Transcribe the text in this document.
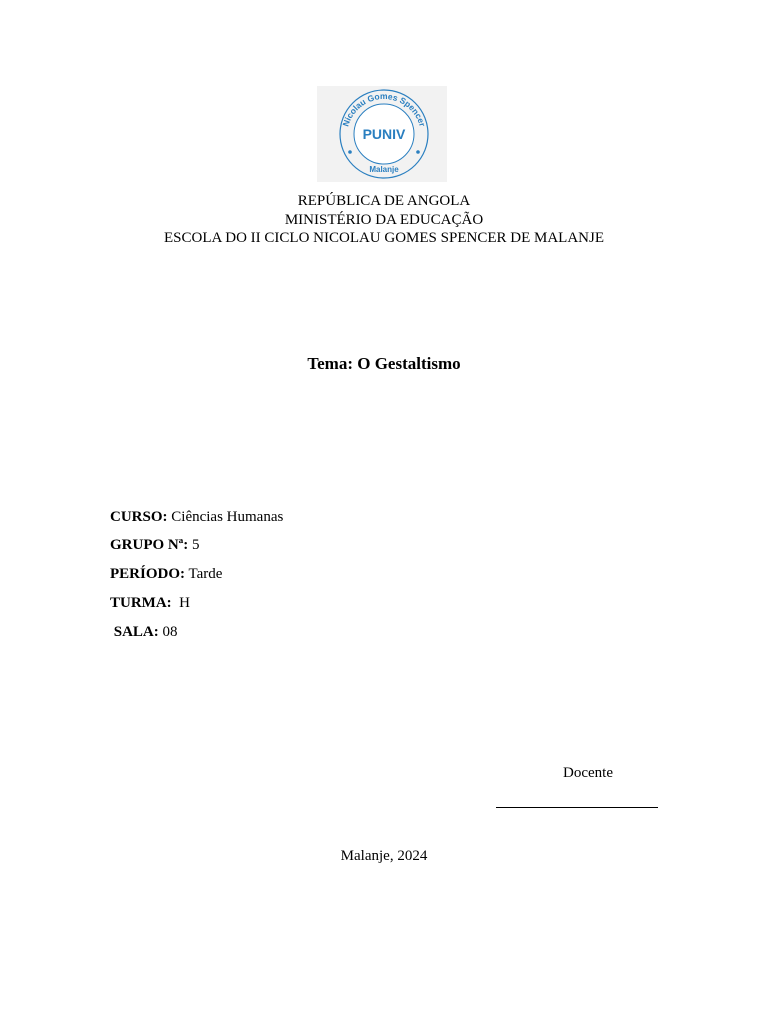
Nicolau Gomes Spencer
PUNIV
Malanje
REPÚBLICA DE ANGOLA
MINISTÉRIO DA EDUCAÇÃO
ESCOLA DO II CICLO NICOLAU GOMES SPENCER DE MALANJE
Tema: O Gestaltismo
CURSO: Ciências Humanas
GRUPO Nª: 5
PERÍODO: Tarde
TURMA:  H
SALA: 08
Docente
Malanje, 2024
